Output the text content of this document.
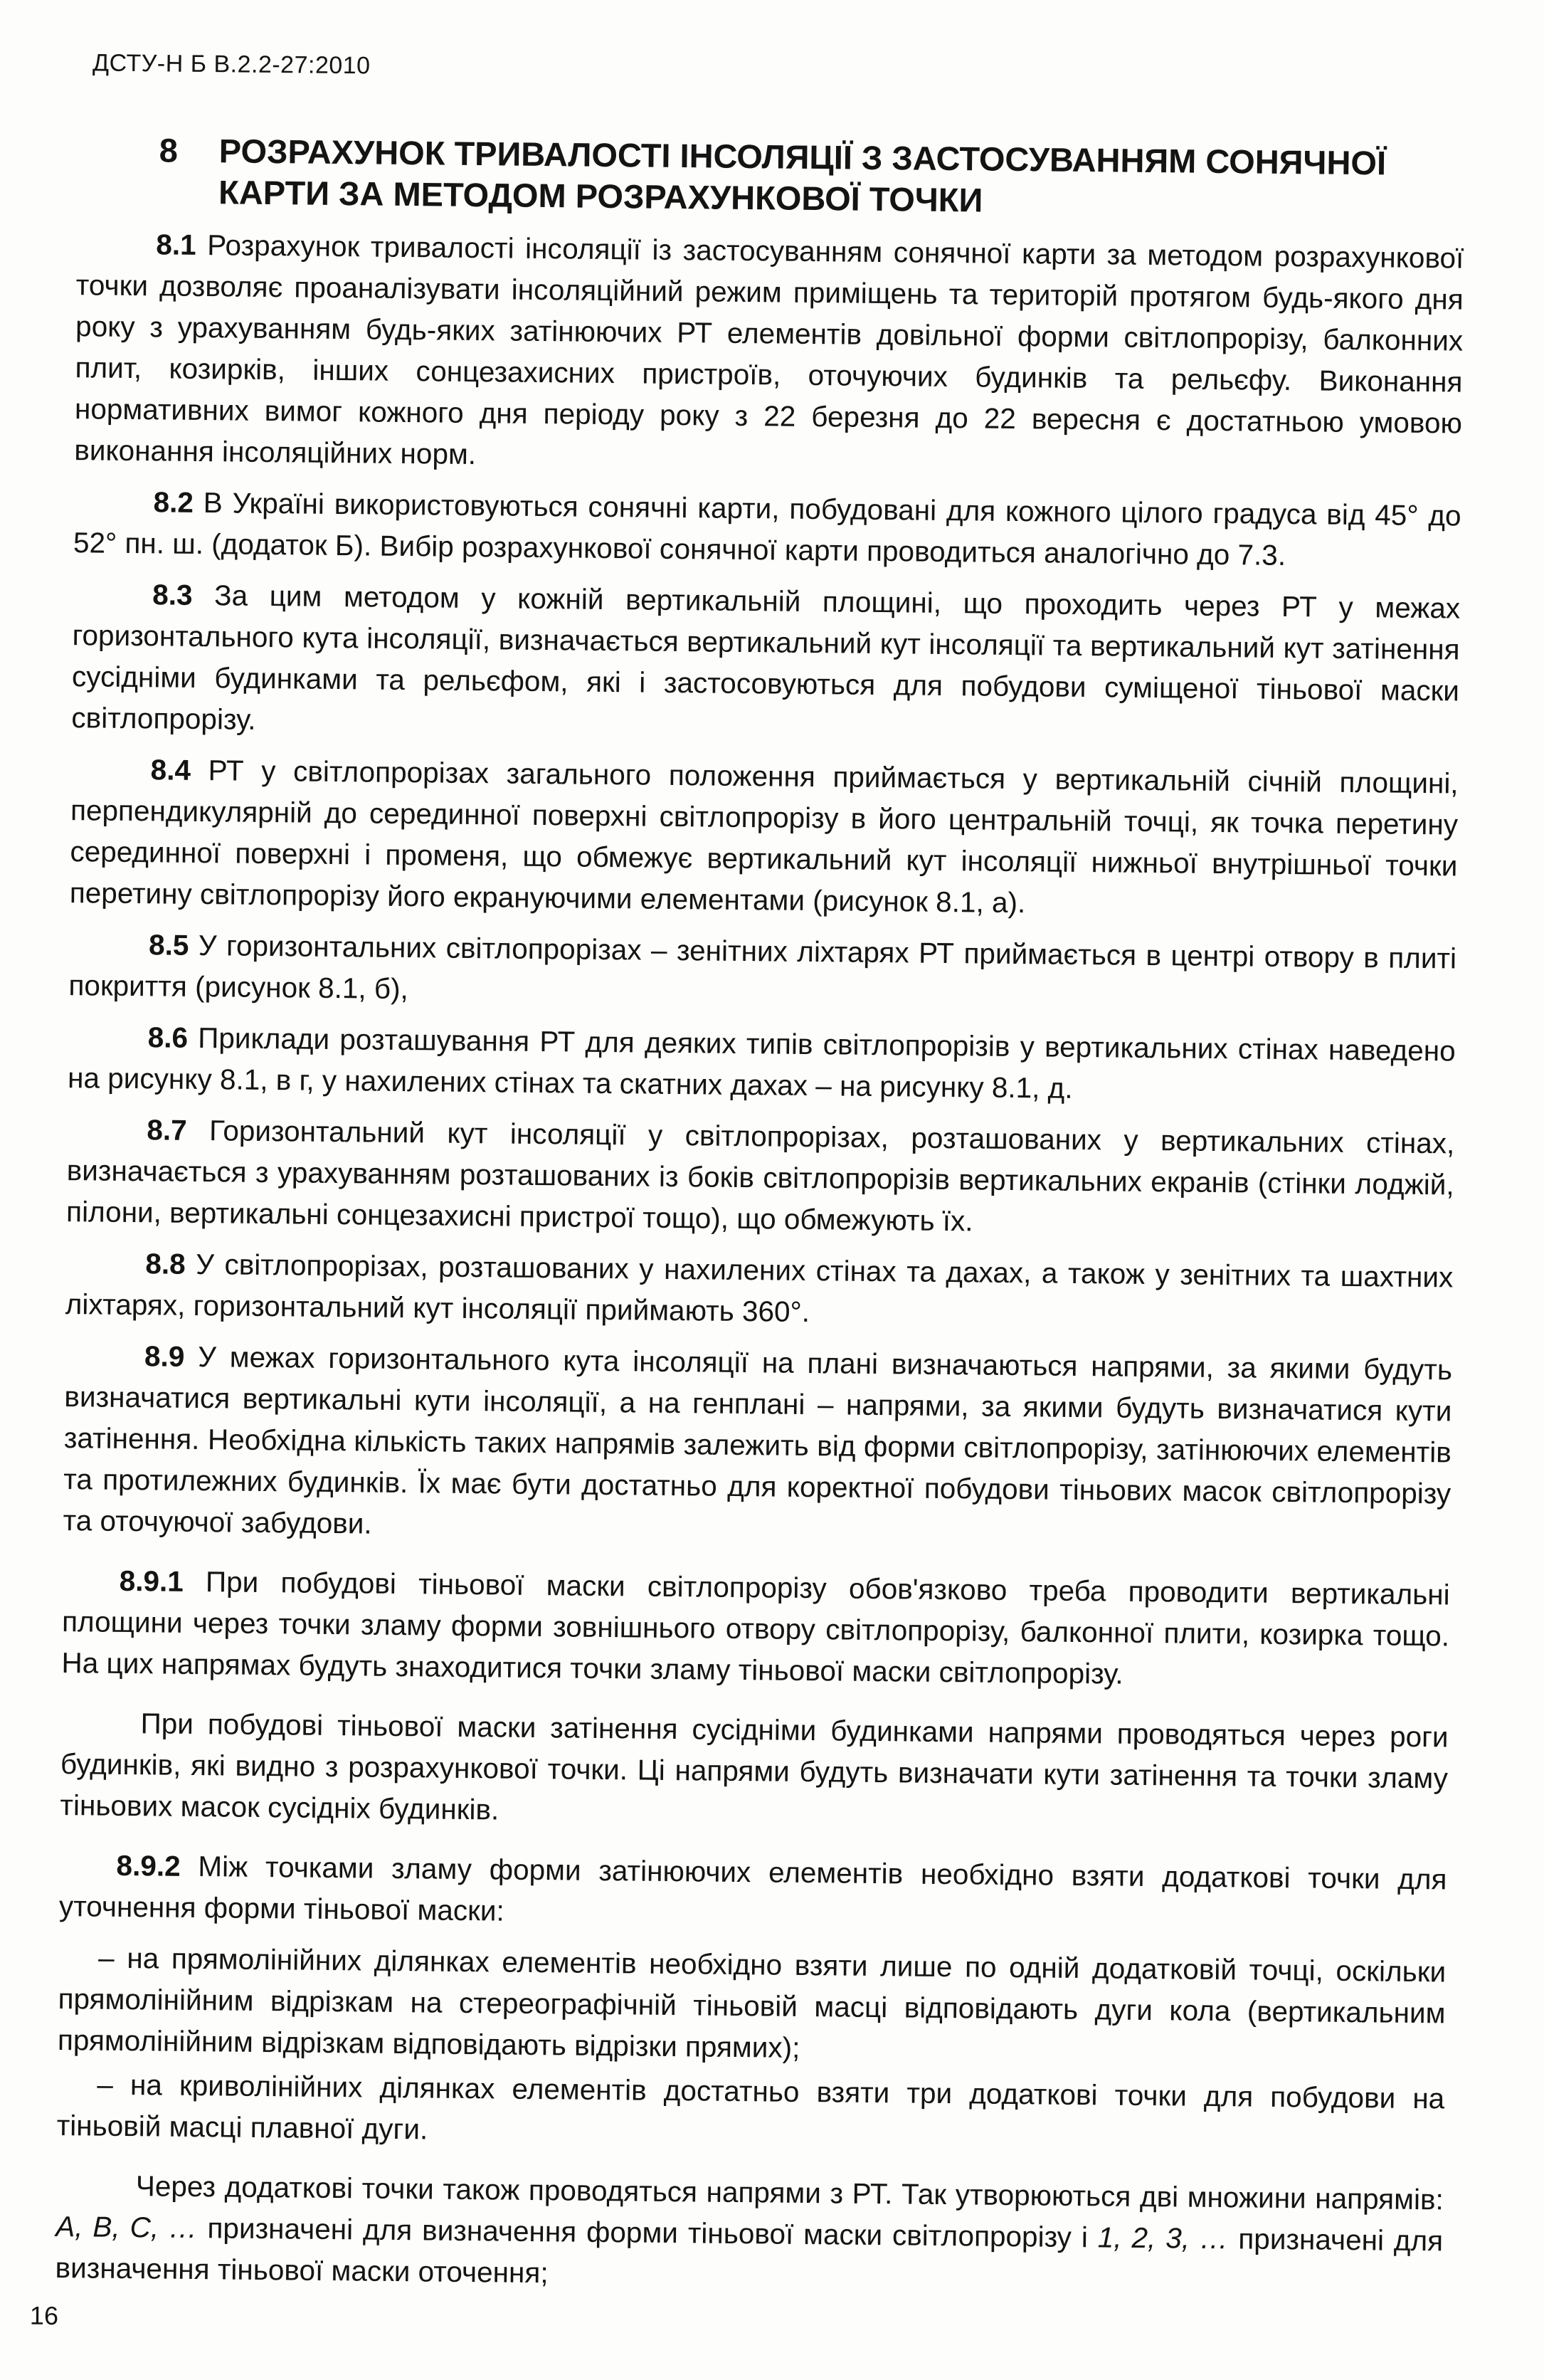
ДСТУ-Н Б В.2.2-27:2010
8 РОЗРАХУНОК ТРИВАЛОСТІ ІНСОЛЯЦІЇ З ЗАСТОСУВАННЯМ СОНЯЧНОЇ КАРТИ ЗА МЕТОДОМ РОЗРАХУНКОВОЇ ТОЧКИ

8.1 Розрахунок тривалості інсоляції із застосуванням сонячної карти за методом розрахункової точки дозволяє проаналізувати інсоляційний режим приміщень та територій протягом будь-якого дня року з урахуванням будь-яких затінюючих РТ елементів довільної форми світлопрорізу, балконних плит, козирків, інших сонцезахисних пристроїв, оточуючих будинків та рельєфу. Виконання нормативних вимог кожного дня періоду року з 22 березня до 22 вересня є достатньою умовою виконання інсоляційних норм.

8.2 В Україні використовуються сонячні карти, побудовані для кожного цілого градуса від 45° до 52° пн. ш. (додаток Б). Вибір розрахункової сонячної карти проводиться аналогічно до 7.3.

8.3 За цим методом у кожній вертикальній площині, що проходить через РТ у межах горизонтального кута інсоляції, визначається вертикальний кут інсоляції та вертикальний кут затінення сусідніми будинками та рельєфом, які і застосовуються для побудови суміщеної тіньової маски світлопрорізу.

8.4 РТ у світлопрорізах загального положення приймається у вертикальній січній площині, перпендикулярній до серединної поверхні світлопрорізу в його центральній точці, як точка перетину серединної поверхні і променя, що обмежує вертикальний кут інсоляції нижньої внутрішньої точки перетину світлопрорізу його екрануючими елементами (рисунок 8.1, а).

8.5 У горизонтальних світлопрорізах – зенітних ліхтарях РТ приймається в центрі отвору в плиті покриття (рисунок 8.1, б),

8.6 Приклади розташування РТ для деяких типів світлопрорізів у вертикальних стінах наведено на рисунку 8.1, в г, у нахилених стінах та скатних дахах – на рисунку 8.1, д.

8.7 Горизонтальний кут інсоляції у світлопрорізах, розташованих у вертикальних стінах, визначається з урахуванням розташованих із боків світлопрорізів вертикальних екранів (стінки лоджій, пілони, вертикальні сонцезахисні пристрої тощо), що обмежують їх.

8.8 У світлопрорізах, розташованих у нахилених стінах та дахах, а також у зенітних та шахтних ліхтарях, горизонтальний кут інсоляції приймають 360°.

8.9 У межах горизонтального кута інсоляції на плані визначаються напрями, за якими будуть визначатися вертикальні кути інсоляції, а на генплані – напрями, за якими будуть визначатися кути затінення. Необхідна кількість таких напрямів залежить від форми світлопрорізу, затінюючих елементів та протилежних будинків. Їх має бути достатньо для коректної побудови тіньових масок світлопрорізу та оточуючої забудови.

8.9.1 При побудові тіньової маски світлопрорізу обов'язково треба проводити вертикальні площини через точки зламу форми зовнішнього отвору світлопрорізу, балконної плити, козирка тощо. На цих напрямах будуть знаходитися точки зламу тіньової маски світлопрорізу.

При побудові тіньової маски затінення сусідніми будинками напрями проводяться через роги будинків, які видно з розрахункової точки. Ці напрями будуть визначати кути затінення та точки зламу тіньових масок сусідніх будинків.

8.9.2 Між точками зламу форми затінюючих елементів необхідно взяти додаткові точки для уточнення форми тіньової маски:

– на прямолінійних ділянках елементів необхідно взяти лише по одній додатковій точці, оскільки прямолінійним відрізкам на стереографічній тіньовій масці відповідають дуги кола (вертикальним прямолінійним відрізкам відповідають відрізки прямих);

– на криволінійних ділянках елементів достатньо взяти три додаткові точки для побудови на тіньовій масці плавної дуги.

Через додаткові точки також проводяться напрями з РТ. Так утворюються дві множини напрямів: А, В, С, … призначені для визначення форми тіньової маски світлопрорізу і 1, 2, 3, … призначені для визначення тіньової маски оточення;

16
